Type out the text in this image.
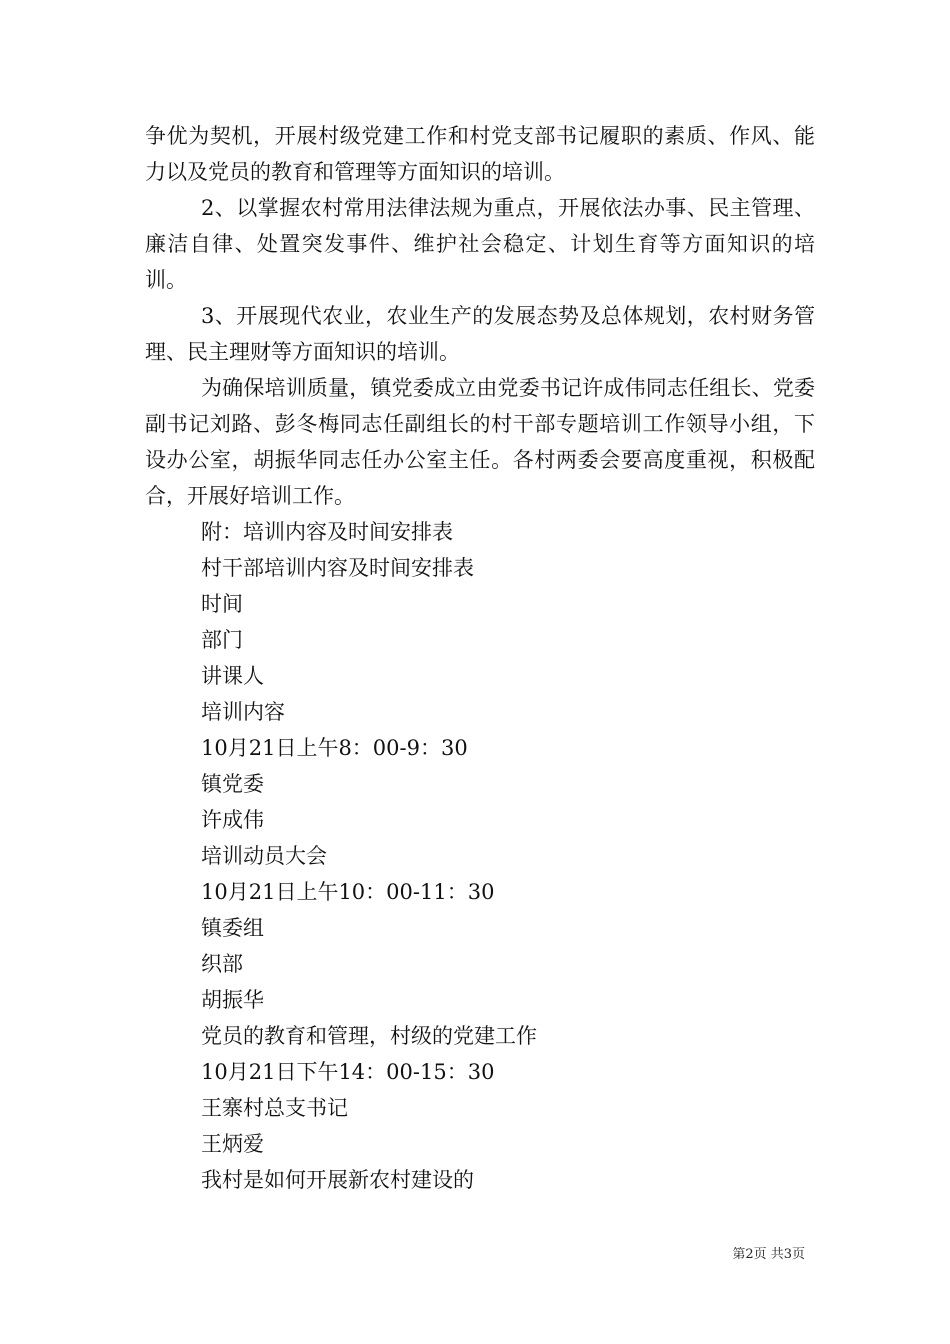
争优为契机，开展村级党建工作和村党支部书记履职的素质、作风、能力以及党员的教育和管理等方面知识的培训。

2、以掌握农村常用法律法规为重点，开展依法办事、民主管理、廉洁自律、处置突发事件、维护社会稳定、计划生育等方面知识的培训。

3、开展现代农业，农业生产的发展态势及总体规划，农村财务管理、民主理财等方面知识的培训。

为确保培训质量，镇党委成立由党委书记许成伟同志任组长、党委副书记刘路、彭冬梅同志任副组长的村干部专题培训工作领导小组，下设办公室，胡振华同志任办公室主任。各村两委会要高度重视，积极配合，开展好培训工作。

附：培训内容及时间安排表

村干部培训内容及时间安排表

时间

部门

讲课人

培训内容

10月21日上午8：00-9：30

镇党委

许成伟

培训动员大会

10月21日上午10：00-11：30

镇委组

织部

胡振华

党员的教育和管理，村级的党建工作

10月21日下午14：00-15：30

王寨村总支书记

王炳爱

我村是如何开展新农村建设的

第2页 共3页
